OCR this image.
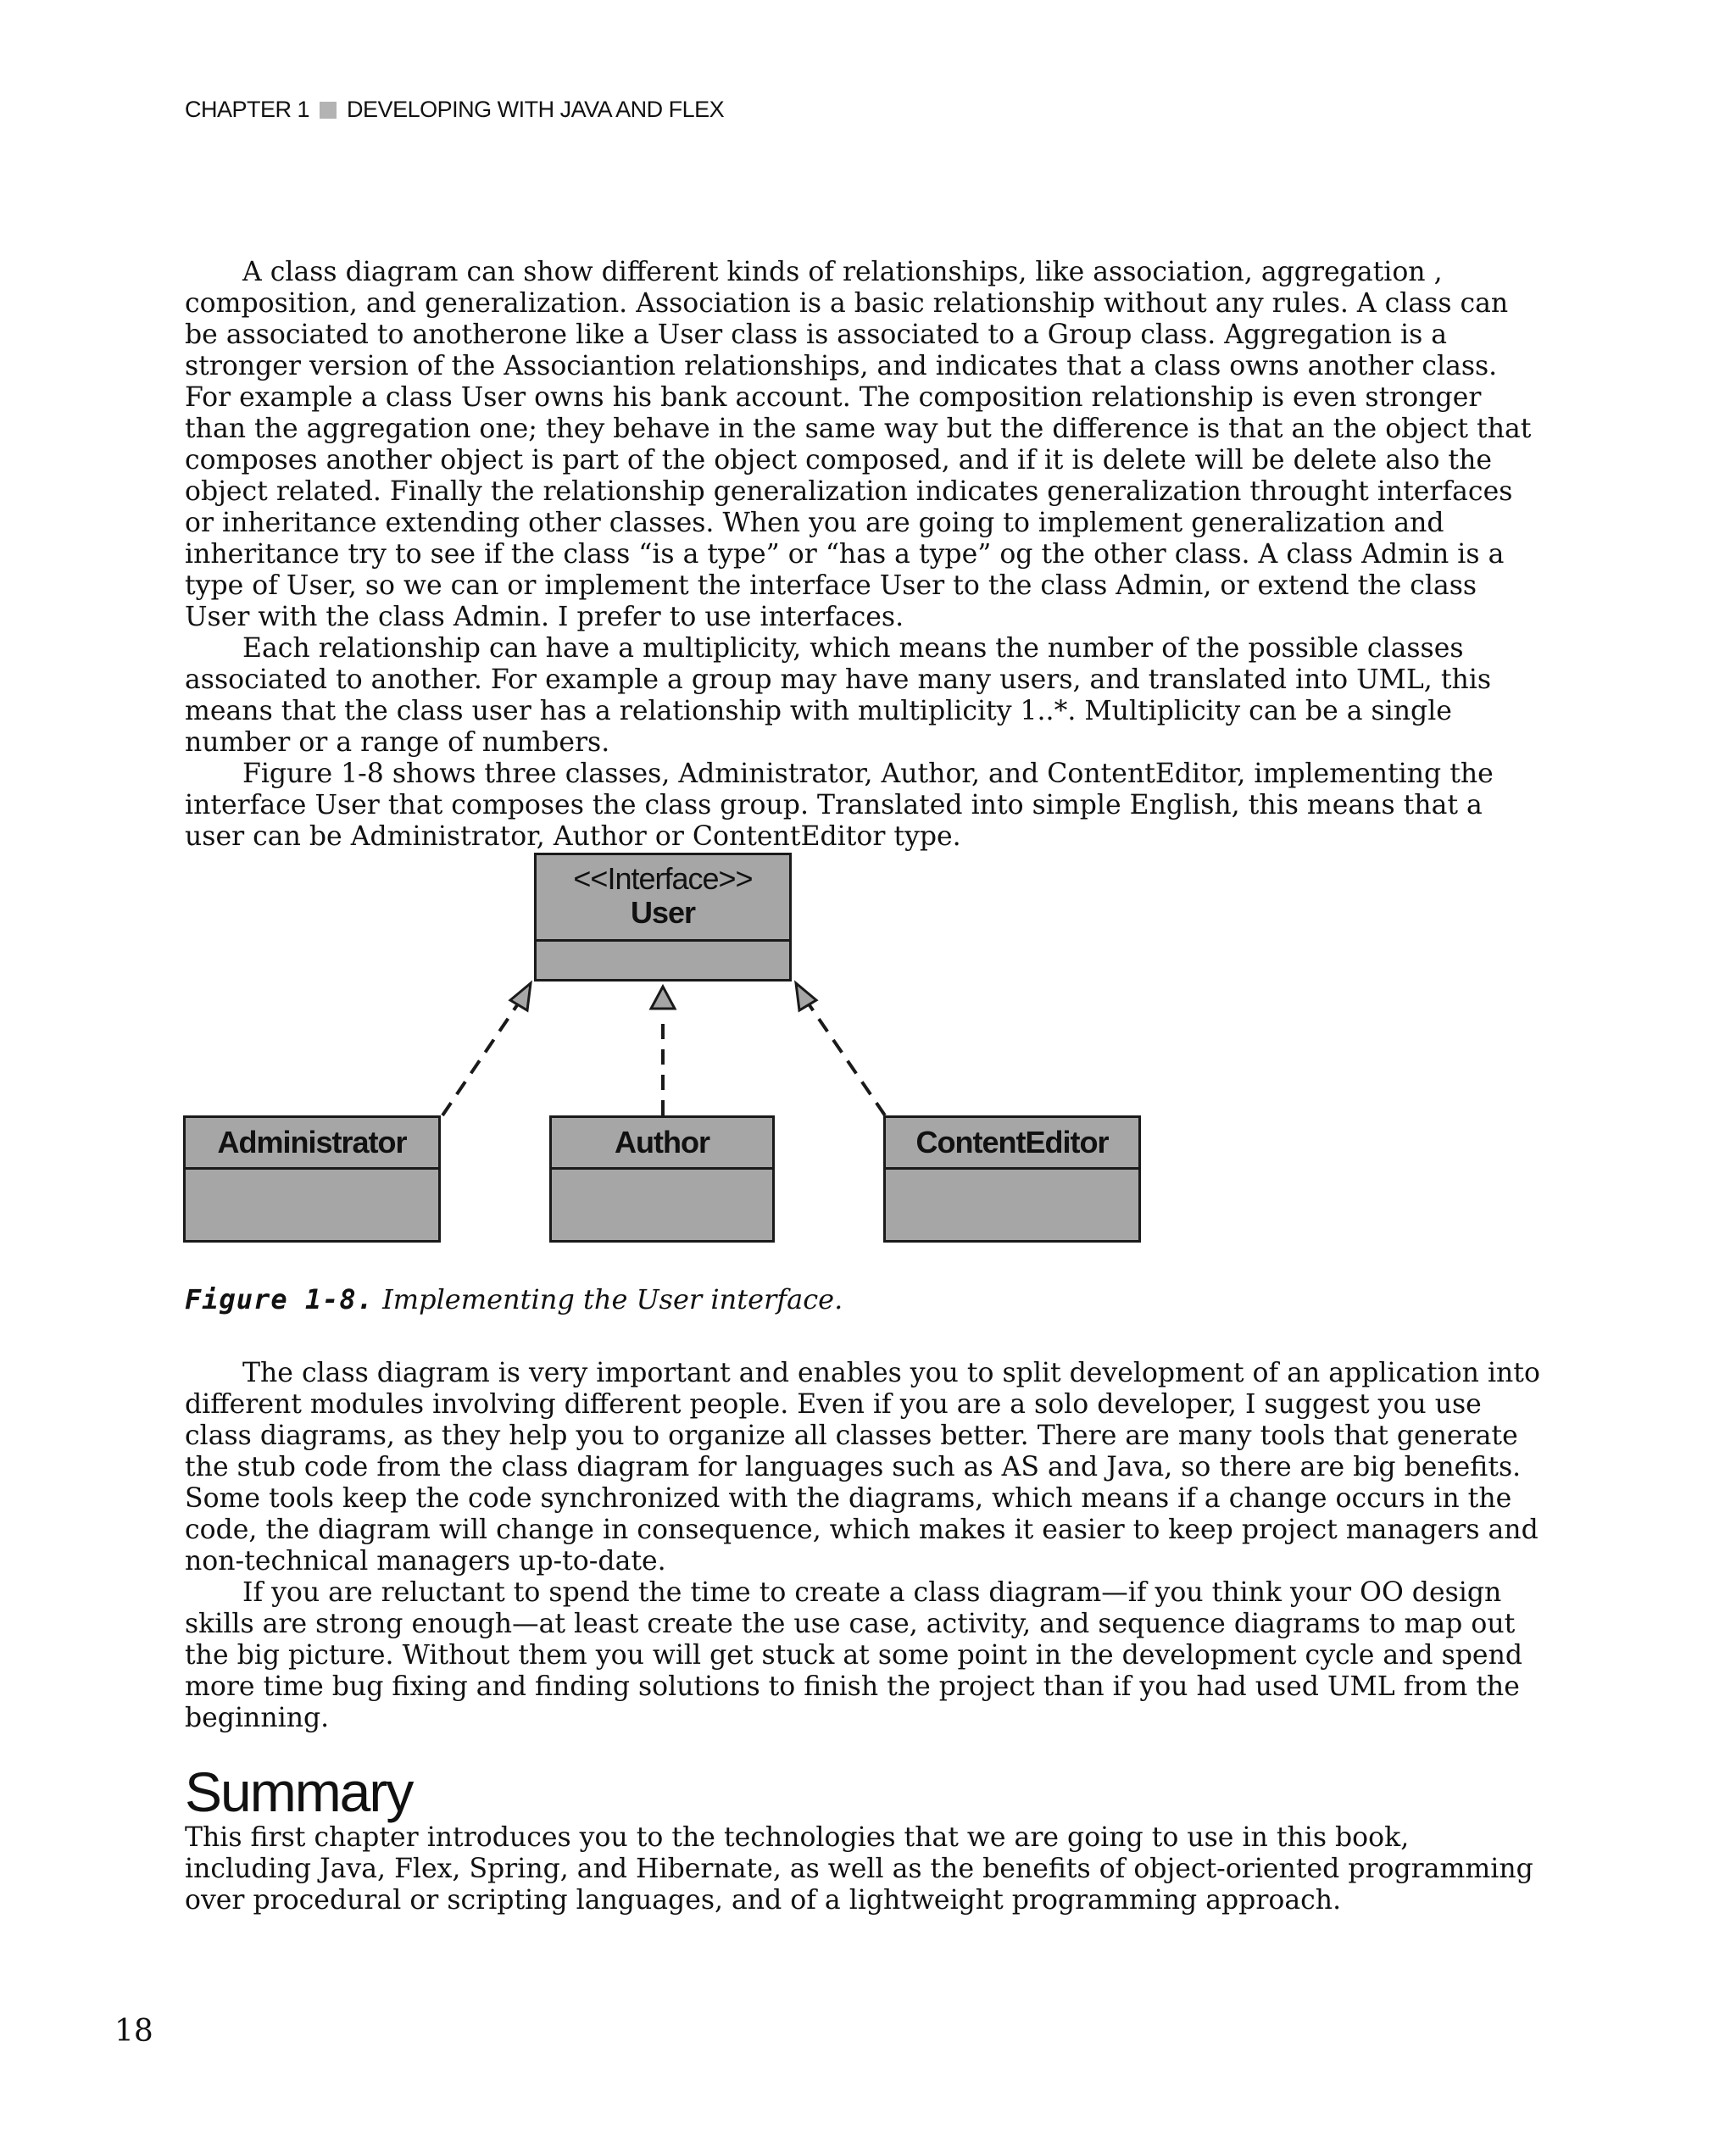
CHAPTER 1 DEVELOPING WITH JAVA AND FLEX

A class diagram can show different kinds of relationships, like association, aggregation , composition, and generalization. Association is a basic relationship without any rules. A class can be associated to anotherone like a User class is associated to a Group class. Aggregation is a stronger version of the Associantion relationships, and indicates that a class owns another class. For example a class User owns his bank account. The composition relationship is even stronger than the aggregation one; they behave in the same way but the difference is that an the object that composes another object is part of the object composed, and if it is delete will be delete also the object related. Finally the relationship generalization indicates generalization throught interfaces or inheritance extending other classes. When you are going to implement generalization and inheritance try to see if the class “is a type” or “has a type” og the other class. A class Admin is a type of User, so we can or implement the interface User to the class Admin, or extend the class User with the class Admin. I prefer to use interfaces.

Each relationship can have a multiplicity, which means the number of the possible classes associated to another. For example a group may have many users, and translated into UML, this means that the class user has a relationship with multiplicity 1..*. Multiplicity can be a single number or a range of numbers.

Figure 1-8 shows three classes, Administrator, Author, and ContentEditor, implementing the interface User that composes the class group. Translated into simple English, this means that a user can be Administrator, Author or ContentEditor type.

<<Interface>>
User
Administrator	Author	ContentEditor
Figure 1-8. Implementing the User interface.

The class diagram is very important and enables you to split development of an application into different modules involving different people. Even if you are a solo developer, I suggest you use class diagrams, as they help you to organize all classes better. There are many tools that generate the stub code from the class diagram for languages such as AS and Java, so there are big benefits. Some tools keep the code synchronized with the diagrams, which means if a change occurs in the code, the diagram will change in consequence, which makes it easier to keep project managers and non-technical managers up-to-date.

If you are reluctant to spend the time to create a class diagram—if you think your OO design skills are strong enough—at least create the use case, activity, and sequence diagrams to map out the big picture. Without them you will get stuck at some point in the development cycle and spend more time bug fixing and finding solutions to finish the project than if you had used UML from the beginning.

Summary

This first chapter introduces you to the technologies that we are going to use in this book, including Java, Flex, Spring, and Hibernate, as well as the benefits of object-oriented programming over procedural or scripting languages, and of a lightweight programming approach.

18
